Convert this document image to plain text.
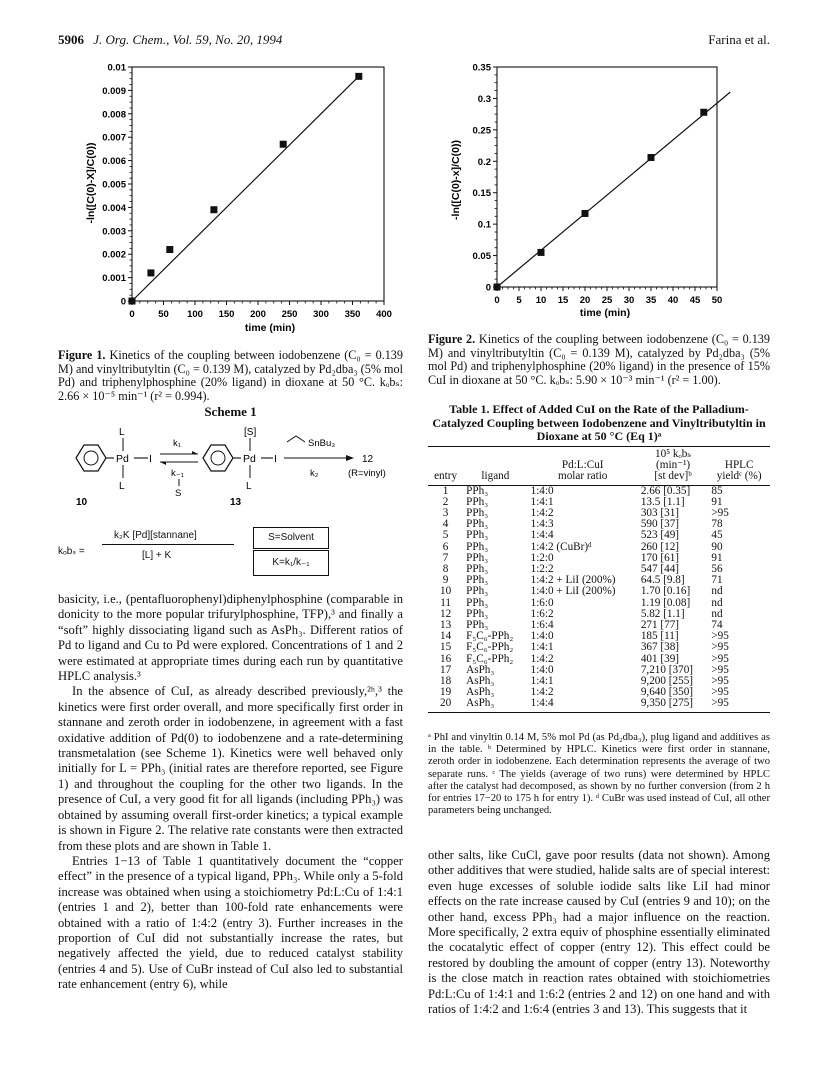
5906 J. Org. Chem., Vol. 59, No. 20, 1994	Farina et al.
0 50 100 150 200 250 300 350 400
0
0.001
0.002
0.003
0.004
0.005
0.006
0.007
0.008
0.009
0.01
time (min)
-ln([C(0)-X]/C(0))
Figure 1. Kinetics of the coupling between iodobenzene (C₀ = 0.139 M) and vinyltributyltin (C₀ = 0.139 M), catalyzed by Pd₂dba₃ (5% mol Pd) and triphenylphosphine (20% ligand) in dioxane at 50 °C. kₒbₛ: 2.66 × 10⁻⁵ min⁻¹ (r² = 0.994).
Scheme 1
Pd I
L
L
k₁
k₋₁
S
Pd I
[S]
L
SnBu₃
k₂
12
(R=vinyl)
10	13
kₒbₛ =
k₂K [Pd][stannane]
[L] + K
S=Solvent
K=k₁/k₋₁

basicity, i.e., (pentafluorophenyl)diphenylphosphine (comparable in donicity to the more popular trifurylphosphine, TFP),³ and finally a “soft” highly dissociating ligand such as AsPh₃. Different ratios of Pd to ligand and Cu to Pd were explored. Concentrations of 1 and 2 were estimated at appropriate times during each run by quantitative HPLC analysis.³

In the absence of CuI, as already described previously,²ʰ,³ the kinetics were first order overall, and more specifically first order in stannane and zeroth order in iodobenzene, in agreement with a fast oxidative addition of Pd(0) to iodobenzene and a rate-determining transmetalation (see Scheme 1). Kinetics were well behaved only initially for L = PPh₃ (initial rates are therefore reported, see Figure 1) and throughout the coupling for the other two ligands. In the presence of CuI, a very good fit for all ligands (including PPh₃) was obtained by assuming overall first-order kinetics; a typical example is shown in Figure 2. The relative rate constants were then extracted from these plots and are shown in Table 1.

Entries 1−13 of Table 1 quantitatively document the “copper effect” in the presence of a typical ligand, PPh₃. While only a 5-fold increase was obtained when using a stoichiometry Pd:L:Cu of 1:4:1 (entries 1 and 2), better than 100-fold rate enhancements were obtained with a ratio of 1:4:2 (entry 3). Further increases in the proportion of CuI did not substantially increase the rates, but negatively affected the yield, due to reduced catalyst stability (entries 4 and 5). Use of CuBr instead of CuI also led to substantial rate enhancement (entry 6), while

0 5 10 15 20 25 30 35 40 45 50
0
0.05
0.1
0.15
0.2
0.25
0.3
0.35
time (min)
-ln([C(0)-x]/C(0))
Figure 2. Kinetics of the coupling between iodobenzene (C₀ = 0.139 M) and vinyltributyltin (C₀ = 0.139 M), catalyzed by Pd₂dba₃ (5% mol Pd) and triphenylphosphine (20% ligand) in the presence of 15% CuI in dioxane at 50 °C. kₒbₛ: 5.90 × 10⁻³ min⁻¹ (r² = 1.00).
Table 1. Effect of Added CuI on the Rate of the Palladium-Catalyzed Coupling between Iodobenzene and Vinyltributyltin in Dioxane at 50 °C (Eq 1)ᵃ
			10⁵ kₒbₛ	
		Pd:L:CuI	(min⁻¹)	HPLC
entry	ligand	molar ratio	[st dev]ᵇ	yieldᶜ (%)
1	PPh₃	1:4:0	2.66 [0.35]	85
2	PPh₃	1:4:1	13.5 [1.1]	91
3	PPh₃	1:4:2	303 [31]	>95
4	PPh₃	1:4:3	590 [37]	78
5	PPh₃	1:4:4	523 [49]	45
6	PPh₃	1:4:2 (CuBr)ᵈ	260 [12]	90
7	PPh₃	1:2:0	170 [61]	91
8	PPh₃	1:2:2	547 [44]	56
9	PPh₃	1:4:2 + LiI (200%)	64.5 [9.8]	71
10	PPh₃	1:4:0 + LiI (200%)	1.70 [0.16]	nd
11	PPh₃	1:6:0	1.19 [0.08]	nd
12	PPh₃	1:6:2	5.82 [1.1]	nd
13	PPh₃	1:6:4	271 [77]	74
14	F₅C₆-PPh₂	1:4:0	185 [11]	>95
15	F₅C₆-PPh₂	1:4:1	367 [38]	>95
16	F₅C₆-PPh₂	1:4:2	401 [39]	>95
17	AsPh₃	1:4:0	7,210 [370]	>95
18	AsPh₃	1:4:1	9,200 [255]	>95
19	AsPh₃	1:4:2	9,640 [350]	>95
20	AsPh₃	1:4:4	9,350 [275]	>95
ᵃ PhI and vinyltin 0.14 M, 5% mol Pd (as Pd₂dba₃), plug ligand and additives as in the table. ᵇ Determined by HPLC. Kinetics were first order in stannane, zeroth order in iodobenzene. Each determination represents the average of two separate runs. ᶜ The yields (average of two runs) were determined by HPLC after the catalyst had decomposed, as shown by no further conversion (from 2 h for entries 17−20 to 175 h for entry 1). ᵈ CuBr was used instead of CuI, all other parameters being unchanged.

other salts, like CuCl, gave poor results (data not shown). Among other additives that were studied, halide salts are of special interest: even huge excesses of soluble iodide salts like LiI had minor effects on the rate increase caused by CuI (entries 9 and 10); on the other hand, excess PPh₃ had a major influence on the reaction. More specifically, 2 extra equiv of phosphine essentially eliminated the cocatalytic effect of copper (entry 12). This effect could be restored by doubling the amount of copper (entry 13). Noteworthy is the close match in reaction rates obtained with stoichiometries Pd:L:Cu of 1:4:1 and 1:6:2 (entries 2 and 12) on one hand and with ratios of 1:4:2 and 1:6:4 (entries 3 and 13). This suggests that it
